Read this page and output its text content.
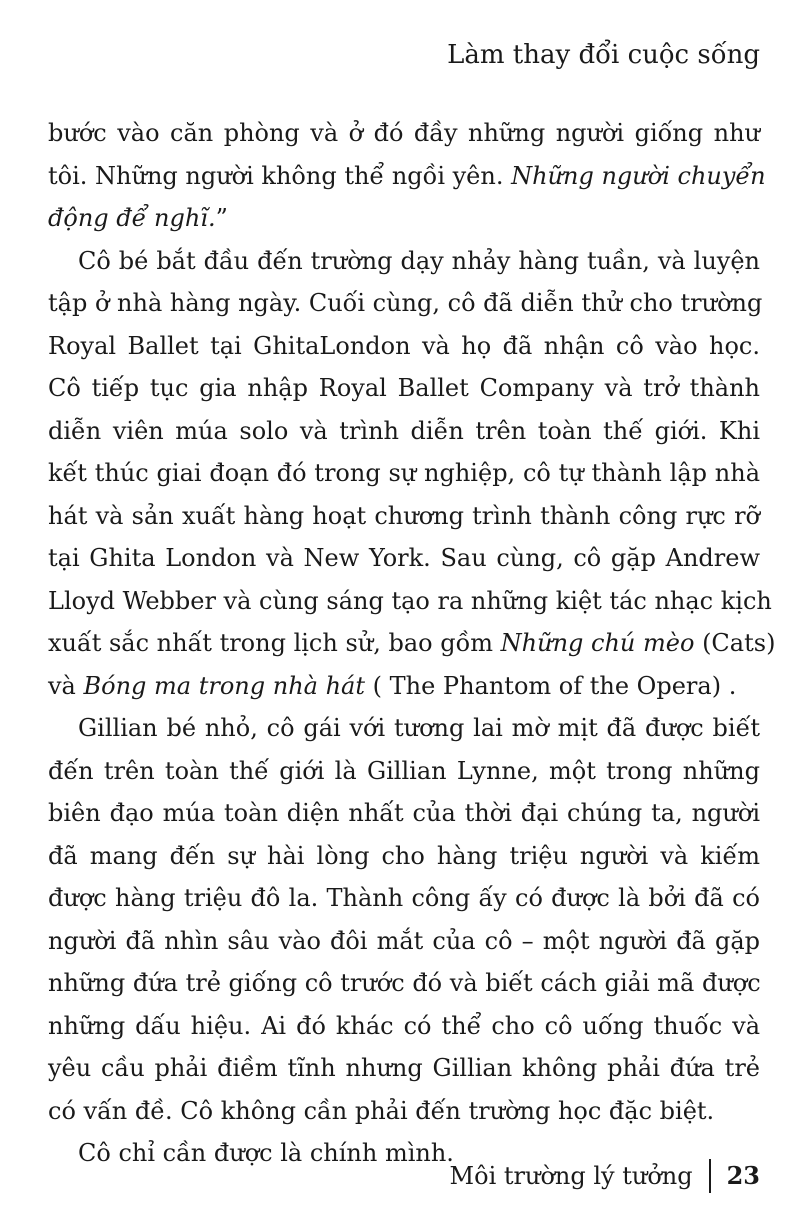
Làm thay đổi cuộc sống
bước vào căn phòng và ở đó đầy những người giống như
tôi. Những người không thể ngồi yên. Những người chuyển
động để nghĩ.”
Cô bé bắt đầu đến trường dạy nhảy hàng tuần, và luyện
tập ở nhà hàng ngày. Cuối cùng, cô đã diễn thử cho trường
Royal Ballet tại GhitaLondon và họ đã nhận cô vào học.
Cô tiếp tục gia nhập Royal Ballet Company và trở thành
diễn viên múa solo và trình diễn trên toàn thế giới. Khi
kết thúc giai đoạn đó trong sự nghiệp, cô tự thành lập nhà
hát và sản xuất hàng hoạt chương trình thành công rực rỡ
tại Ghita London và New York. Sau cùng, cô gặp Andrew
Lloyd Webber và cùng sáng tạo ra những kiệt tác nhạc kịch
xuất sắc nhất trong lịch sử, bao gồm Những chú mèo (Cats)
và Bóng ma trong nhà hát ( The Phantom of the Opera) .
Gillian bé nhỏ, cô gái với tương lai mờ mịt đã được biết
đến trên toàn thế giới là Gillian Lynne, một trong những
biên đạo múa toàn diện nhất của thời đại chúng ta, người
đã mang đến sự hài lòng cho hàng triệu người và kiếm
được hàng triệu đô la. Thành công ấy có được là bởi đã có
người đã nhìn sâu vào đôi mắt của cô – một người đã gặp
những đứa trẻ giống cô trước đó và biết cách giải mã được
những dấu hiệu. Ai đó khác có thể cho cô uống thuốc và
yêu cầu phải điềm tĩnh nhưng Gillian không phải đứa trẻ
có vấn đề. Cô không cần phải đến trường học đặc biệt.
Cô chỉ cần được là chính mình.
Môi trường lý tưởng 23
